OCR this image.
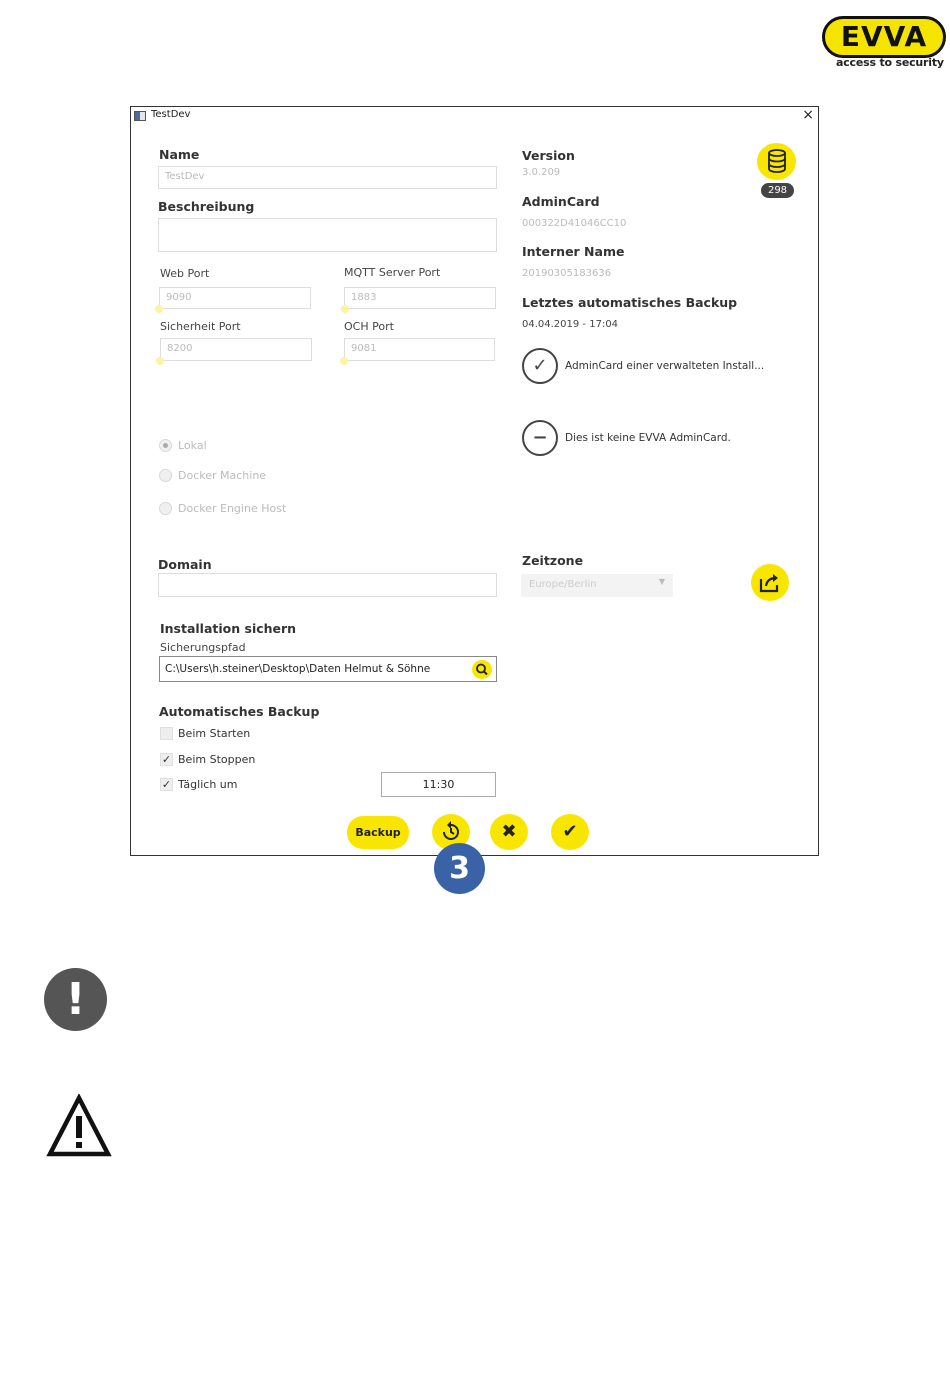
EVVA
access to security
TestDev	×
Name
TestDev
Beschreibung
Web Port
9090
MQTT Server Port
1883
Sicherheit Port
8200
OCH Port
9081
Lokal
Docker Machine
Docker Engine Host
Domain
Version
3.0.209
298
AdminCard
000322D41046CC10
Interner Name
20190305183636
Letztes automatisches Backup
04.04.2019 - 17:04
✓	AdminCard einer verwalteten Install...
−	Dies ist keine EVVA AdminCard.
Zeitzone
Europe/Berlin	▼
Installation sichern
Sicherungspfad
C:\Users\h.steiner\Desktop\Daten Helmut & Söhne
Automatisches Backup
Beim Starten
✓ Beim Stoppen
✓ Täglich um	11:30
Backup	✖	✔
3
!
